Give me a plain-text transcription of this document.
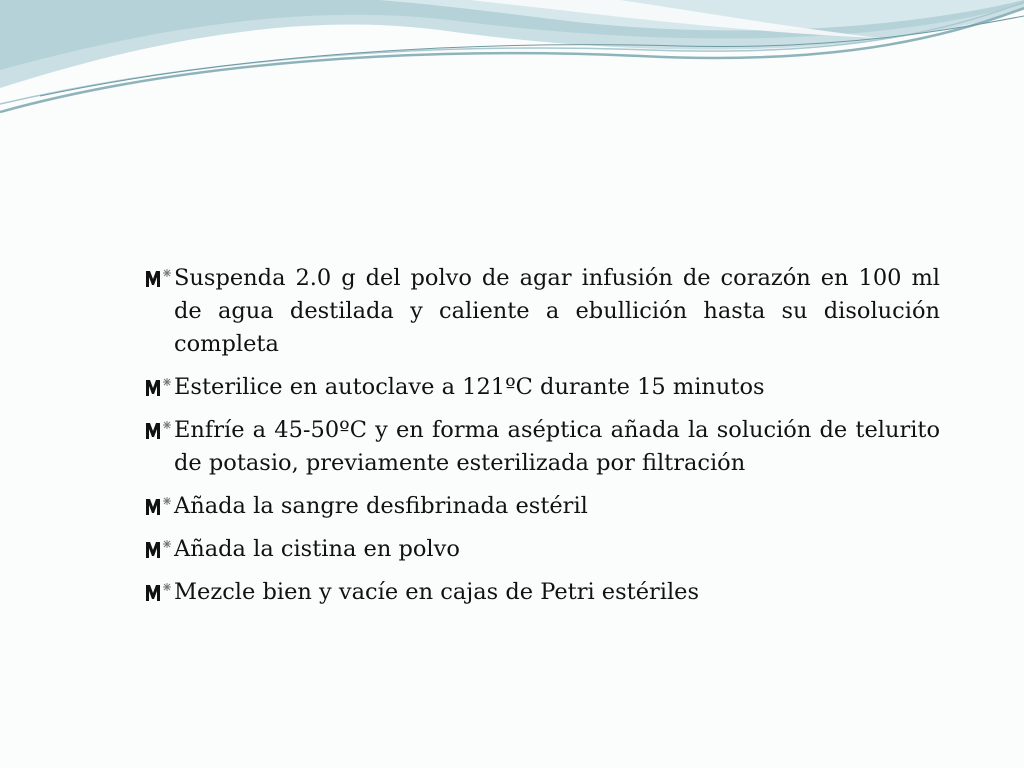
Suspenda 2.0 g del polvo de agar infusión de corazón en 100 ml de agua destilada y caliente a ebullición hasta su disolución completa
Esterilice en autoclave a 121ºC durante 15 minutos
Enfríe a 45-50ºC y en forma aséptica añada la solución de telurito de potasio, previamente esterilizada por filtración
Añada la sangre desfibrinada estéril
Añada la cistina en polvo
Mezcle bien y vacíe en cajas de Petri estériles
